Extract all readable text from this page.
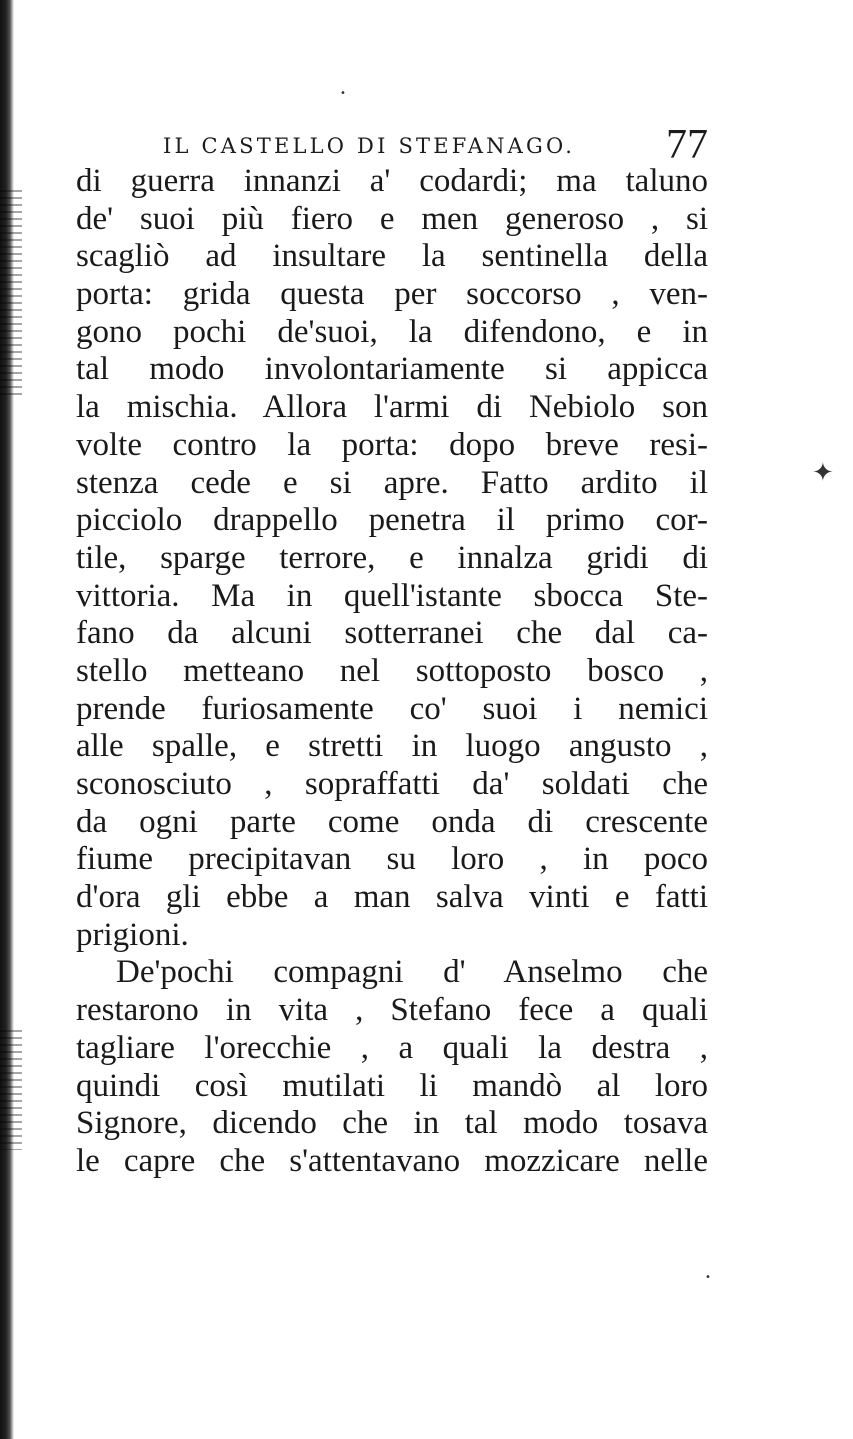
IL CASTELLO DI STEFANAGO. 77
di guerra innanzi a' codardi; ma taluno
de' suoi più fiero e men generoso , si
scagliò ad insultare la sentinella della
porta: grida questa per soccorso , ven-
gono pochi de'suoi, la difendono, e in
tal modo involontariamente si appicca
la mischia. Allora l'armi di Nebiolo son
volte contro la porta: dopo breve resi-
stenza cede e si apre. Fatto ardito il
picciolo drappello penetra il primo cor-
tile, sparge terrore, e innalza gridi di
vittoria. Ma in quell'istante sbocca Ste-
fano da alcuni sotterranei che dal ca-
stello metteano nel sottoposto bosco ,
prende furiosamente co' suoi i nemici
alle spalle, e stretti in luogo angusto ,
sconosciuto , sopraffatti da' soldati che
da ogni parte come onda di crescente
fiume precipitavan su loro , in poco
d'ora gli ebbe a man salva vinti e fatti
prigioni.
De'pochi compagni d' Anselmo che
restarono in vita , Stefano fece a quali
tagliare l'orecchie , a quali la destra ,
quindi così mutilati li mandò al loro
Signore, dicendo che in tal modo tosava
le capre che s'attentavano mozzicare nelle
✦
•
•
